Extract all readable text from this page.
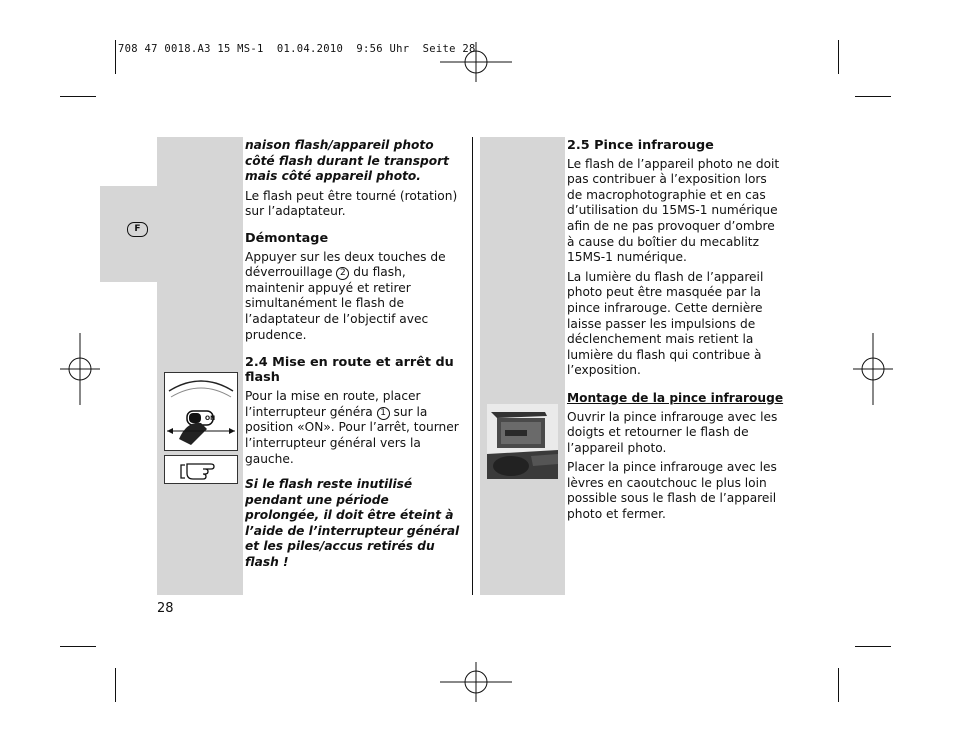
708 47 0018.A3 15 MS-1  01.04.2010  9:56 Uhr  Seite 28
F
ON

naison flash/appareil photo côté flash durant le transport mais côté appareil photo.

Le flash peut être tourné (rotation) sur l’adaptateur.

Démontage

Appuyer sur les deux touches de déverrouillage 2 du flash, maintenir appuyé et retirer simultanément le flash de l’adaptateur de l’objectif avec prudence.

2.4 Mise en route et arrêt du flash

Pour la mise en route, placer l’interrupteur généra 1 sur la position «ON». Pour l’arrêt, tourner l’interrupteur général vers la gauche.

Si le flash reste inutilisé pendant une période prolongée, il doit être éteint à l’aide de l’interrupteur général et les piles/accus retirés du flash !

2.5 Pince infrarouge

Le flash de l’appareil photo ne doit pas contribuer à l’exposition lors de macrophotographie et en cas d’utilisation du 15MS-1 numérique afin de ne pas provoquer d’ombre à cause du boîtier du mecablitz 15MS-1 numérique.

La lumière du flash de l’appareil photo peut être masquée par la pince infrarouge. Cette dernière laisse passer les impulsions de déclenchement mais retient la lumière du flash qui contribue à l’exposition.

Montage de la pince infrarouge

Ouvrir la pince infrarouge avec les doigts et retourner le flash de l’appareil photo.

Placer la pince infrarouge avec les lèvres en caoutchouc le plus loin possible sous le flash de l’appareil photo et fermer.

28
